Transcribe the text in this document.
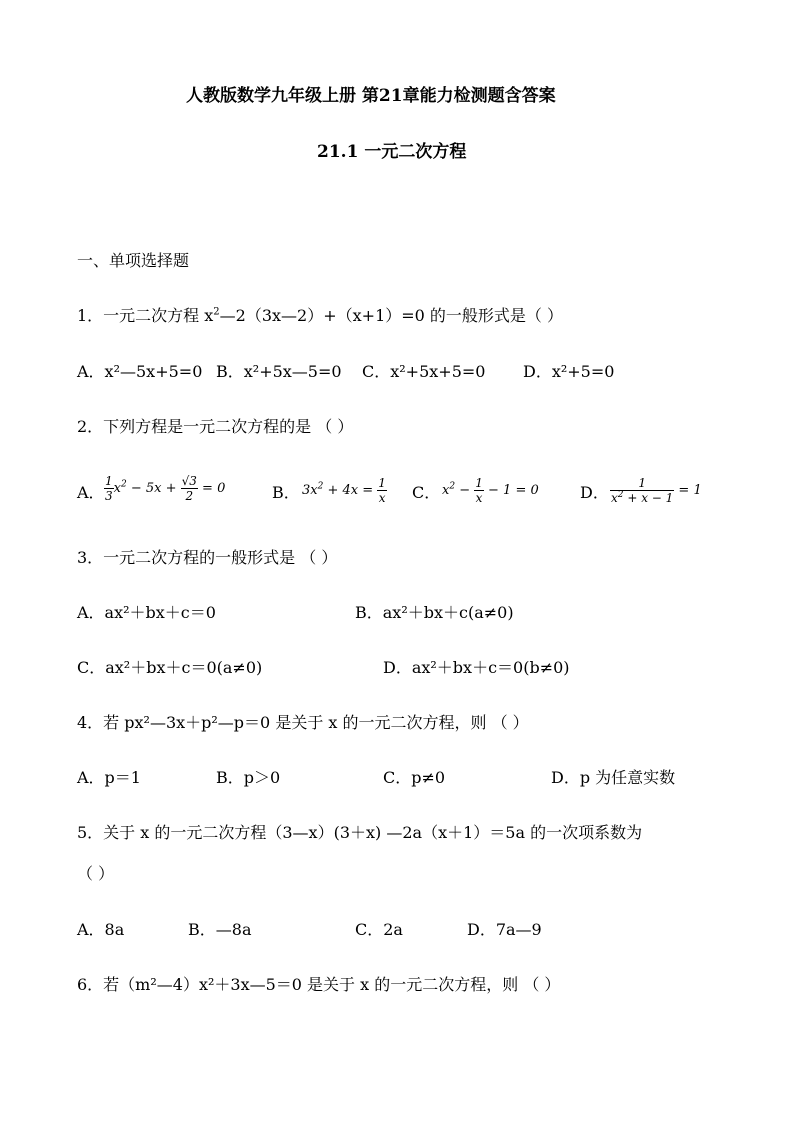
人教版数学九年级上册 第21章能力检测题含答案
21.1 一元二次方程
一、单项选择题
1．一元二次方程 $x^2—2(3x—2)+(x+1)=0$ 的一般形式是（ ）
A．x²—5x+5=0 B．x²+5x—5=0 C．x²+5x+5=0 D．x²+5=0
2．下列方程是一元二次方程的是 （ ）
A． $\frac{1}{3} x^2 - 5x + \frac{√3}{2} = 0$	B． $3x^2 + 4x = \frac{1}{x}$ C． $x^2 - \frac{1}{x} - 1 = 0$	D． $\frac{1}{x^2 + x - 1} = 1$
3．一元二次方程的一般形式是 （ ）
A．ax²＋bx＋c＝0	B．ax²＋bx＋c(a≠0)
C．ax²＋bx＋c＝0(a≠0)	D．ax²＋bx＋c＝0(b≠0)
4．若 px²—3x＋p²—p＝0 是关于 x 的一元二次方程，则 （ ）
A．p＝1	B．p＞0	C．p≠0	D．p 为任意实数
5．关于 x 的一元二次方程（3—x）(3＋x) —2a（x＋1）＝5a 的一次项系数为
（ ）
A．8a	B．—8a	C．2a	D．7a—9
6．若（m²—4）x²＋3x—5＝0 是关于 x 的一元二次方程，则 （ ）
